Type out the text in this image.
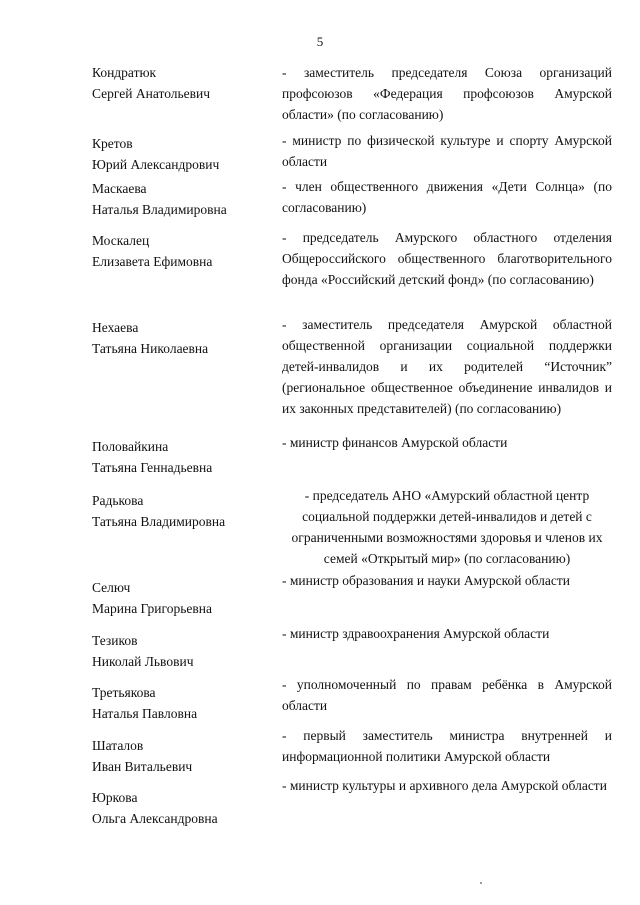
5
Кондратюк
Сергей Анатольевич
- заместитель председателя Союза организаций профсоюзов «Федерация профсоюзов Амурской области» (по согласованию)
Кретов
Юрий Александрович
- министр по физической культуре и спорту Амурской области
Маскаева
Наталья Владимировна
- член общественного движения «Дети Солнца» (по согласованию)
Москалец
Елизавета Ефимовна
- председатель Амурского областного отделения Общероссийского общественного благотворительного фонда «Российский детский фонд» (по согласованию)
Нехаева
Татьяна Николаевна
- заместитель председателя Амурской областной общественной организации социальной поддержки детей-инвалидов и их родителей “Источник” (региональное общественное объединение инвалидов и их законных представителей) (по согласованию)
Половайкина
Татьяна Геннадьевна
- министр финансов Амурской области
Радькова
Татьяна Владимировна
- председатель АНО «Амурский областной центр социальной поддержки детей-инвалидов и детей с ограниченными возможностями здоровья и членов их семей «Открытый мир» (по согласованию)
Селюч
Марина Григорьевна
- министр образования и науки Амурской области
Тезиков
Николай Львович
- министр здравоохранения Амурской области
Третьякова
Наталья Павловна
- уполномоченный по правам ребёнка в Амурской области
Шаталов
Иван Витальевич
- первый заместитель министра внутренней и информационной политики Амурской области
Юркова
Ольга Александровна
- министр культуры и архивного дела Амурской области
